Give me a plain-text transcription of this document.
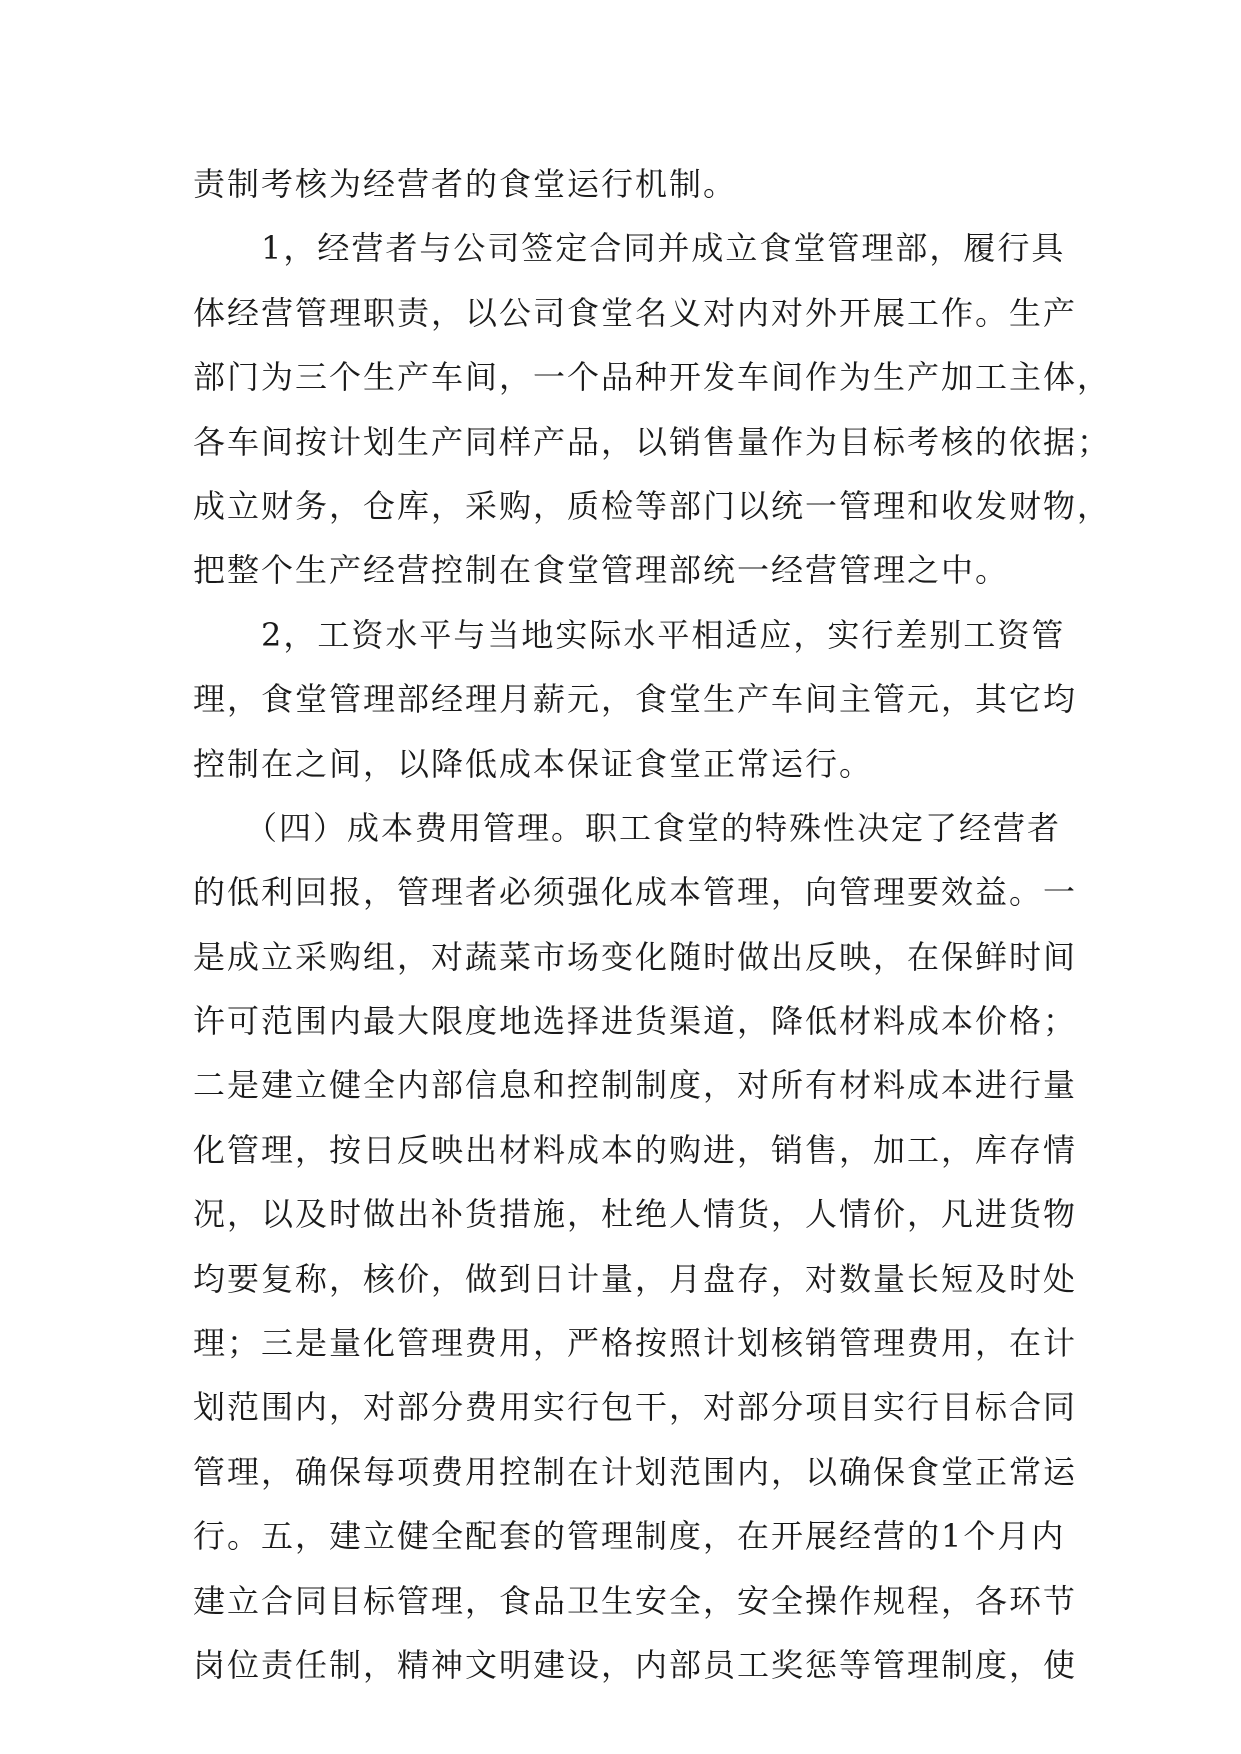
责制考核为经营者的食堂运行机制。
　　1，经营者与公司签定合同并成立食堂管理部，履行具
体经营管理职责，以公司食堂名义对内对外开展工作。生产
部门为三个生产车间，一个品种开发车间作为生产加工主体，
各车间按计划生产同样产品，以销售量作为目标考核的依据；
成立财务，仓库，采购，质检等部门以统一管理和收发财物，
把整个生产经营控制在食堂管理部统一经营管理之中。
　　2，工资水平与当地实际水平相适应，实行差别工资管
理，食堂管理部经理月薪元，食堂生产车间主管元，其它均
控制在之间，以降低成本保证食堂正常运行。
　　（四）成本费用管理。职工食堂的特殊性决定了经营者
的低利回报，管理者必须强化成本管理，向管理要效益。一
是成立采购组，对蔬菜市场变化随时做出反映，在保鲜时间
许可范围内最大限度地选择进货渠道，降低材料成本价格；
二是建立健全内部信息和控制制度，对所有材料成本进行量
化管理，按日反映出材料成本的购进，销售，加工，库存情
况，以及时做出补货措施，杜绝人情货，人情价，凡进货物
均要复称，核价，做到日计量，月盘存，对数量长短及时处
理；三是量化管理费用，严格按照计划核销管理费用，在计
划范围内，对部分费用实行包干，对部分项目实行目标合同
管理，确保每项费用控制在计划范围内，以确保食堂正常运
行。五，建立健全配套的管理制度，在开展经营的1个月内
建立合同目标管理，食品卫生安全，安全操作规程，各环节
岗位责任制，精神文明建设，内部员工奖惩等管理制度，使
